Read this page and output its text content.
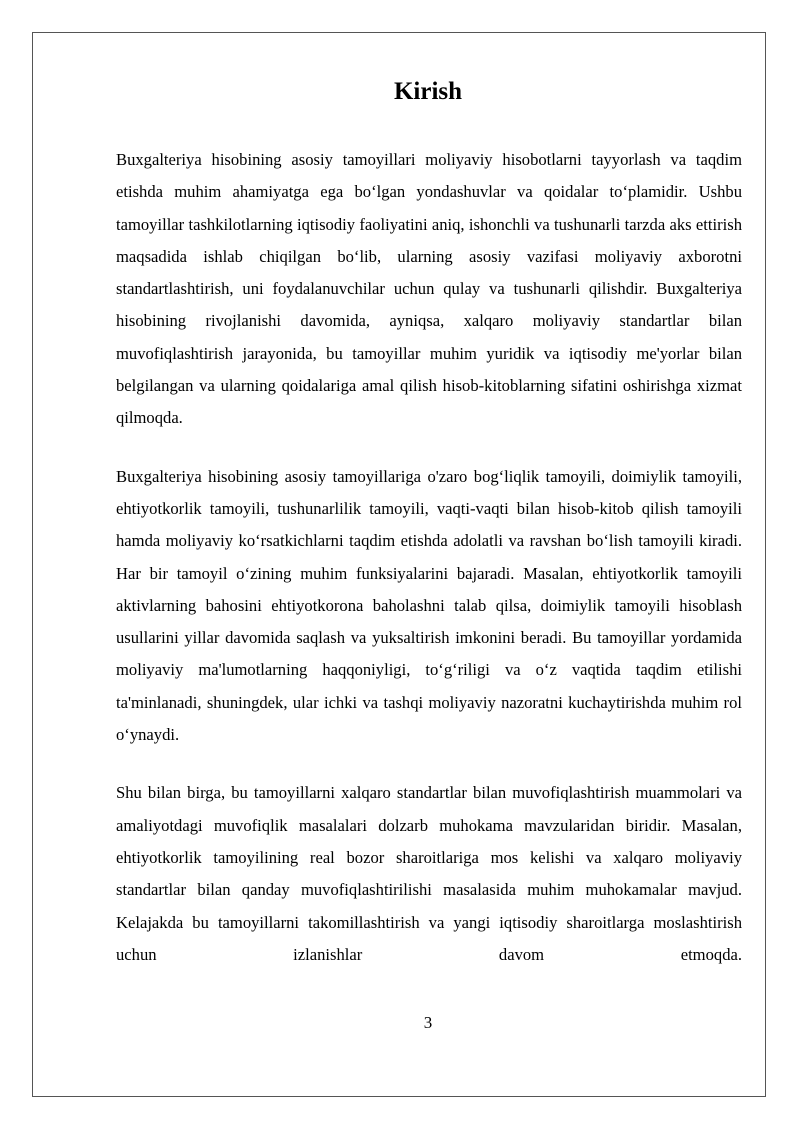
Kirish

Buxgalteriya hisobining asosiy tamoyillari moliyaviy hisobotlarni tayyorlash va taqdim etishda muhim ahamiyatga ega bo‘lgan yondashuvlar va qoidalar to‘plamidir. Ushbu tamoyillar tashkilotlarning iqtisodiy faoliyatini aniq, ishonchli va tushunarli tarzda aks ettirish maqsadida ishlab chiqilgan bo‘lib, ularning asosiy vazifasi moliyaviy axborotni standartlashtirish, uni foydalanuvchilar uchun qulay va tushunarli qilishdir. Buxgalteriya hisobining rivojlanishi davomida, ayniqsa, xalqaro moliyaviy standartlar bilan muvofiqlashtirish jarayonida, bu tamoyillar muhim yuridik va iqtisodiy me'yorlar bilan belgilangan va ularning qoidalariga amal qilish hisob-kitoblarning sifatini oshirishga xizmat qilmoqda.

Buxgalteriya hisobining asosiy tamoyillariga o'zaro bog‘liqlik tamoyili, doimiylik tamoyili, ehtiyotkorlik tamoyili, tushunarlilik tamoyili, vaqti-vaqti bilan hisob-kitob qilish tamoyili hamda moliyaviy ko‘rsatkichlarni taqdim etishda adolatli va ravshan bo‘lish tamoyili kiradi. Har bir tamoyil o‘zining muhim funksiyalarini bajaradi. Masalan, ehtiyotkorlik tamoyili aktivlarning bahosini ehtiyotkorona baholashni talab qilsa, doimiylik tamoyili hisoblash usullarini yillar davomida saqlash va yuksaltirish imkonini beradi. Bu tamoyillar yordamida moliyaviy ma'lumotlarning haqqoniyligi, to‘g‘riligi va o‘z vaqtida taqdim etilishi ta'minlanadi, shuningdek, ular ichki va tashqi moliyaviy nazoratni kuchaytirishda muhim rol o‘ynaydi.

Shu bilan birga, bu tamoyillarni xalqaro standartlar bilan muvofiqlashtirish muammolari va amaliyotdagi muvofiqlik masalalari dolzarb muhokama mavzularidan biridir. Masalan, ehtiyotkorlik tamoyilining real bozor sharoitlariga mos kelishi va xalqaro moliyaviy standartlar bilan qanday muvofiqlashtirilishi masalasida muhim muhokamalar mavjud. Kelajakda bu tamoyillarni takomillashtirish va yangi iqtisodiy sharoitlarga moslashtirish uchun izlanishlar davom etmoqda.

3
